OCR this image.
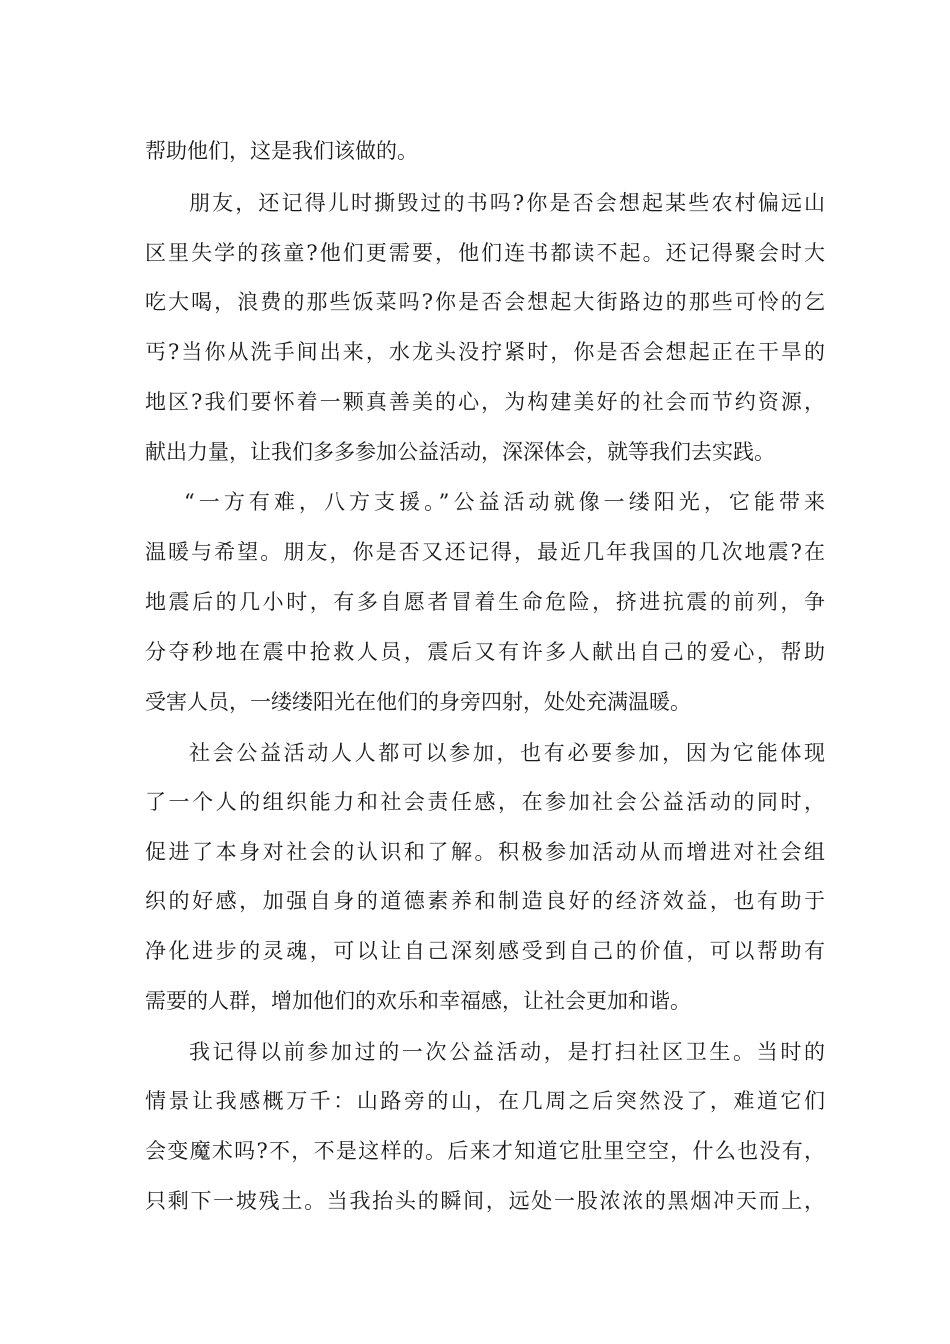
帮助他们，这是我们该做的。

朋友，还记得儿时撕毁过的书吗?你是否会想起某些农村偏远山

区里失学的孩童?他们更需要，他们连书都读不起。还记得聚会时大

吃大喝，浪费的那些饭菜吗?你是否会想起大街路边的那些可怜的乞

丐?当你从洗手间出来，水龙头没拧紧时，你是否会想起正在干旱的

地区?我们要怀着一颗真善美的心，为构建美好的社会而节约资源，

献出力量，让我们多多参加公益活动，深深体会，就等我们去实践。

“一方有难，八方支援。”公益活动就像一缕阳光，它能带来

温暖与希望。朋友，你是否又还记得，最近几年我国的几次地震?在

地震后的几小时，有多自愿者冒着生命危险，挤进抗震的前列，争

分夺秒地在震中抢救人员，震后又有许多人献出自己的爱心，帮助

受害人员，一缕缕阳光在他们的身旁四射，处处充满温暖。

社会公益活动人人都可以参加，也有必要参加，因为它能体现

了一个人的组织能力和社会责任感，在参加社会公益活动的同时，

促进了本身对社会的认识和了解。积极参加活动从而增进对社会组

织的好感，加强自身的道德素养和制造良好的经济效益，也有助于

净化进步的灵魂，可以让自己深刻感受到自己的价值，可以帮助有

需要的人群，增加他们的欢乐和幸福感，让社会更加和谐。

我记得以前参加过的一次公益活动，是打扫社区卫生。当时的

情景让我感概万千：山路旁的山，在几周之后突然没了，难道它们

会变魔术吗?不，不是这样的。后来才知道它肚里空空，什么也没有，

只剩下一坡残土。当我抬头的瞬间，远处一股浓浓的黑烟冲天而上，
